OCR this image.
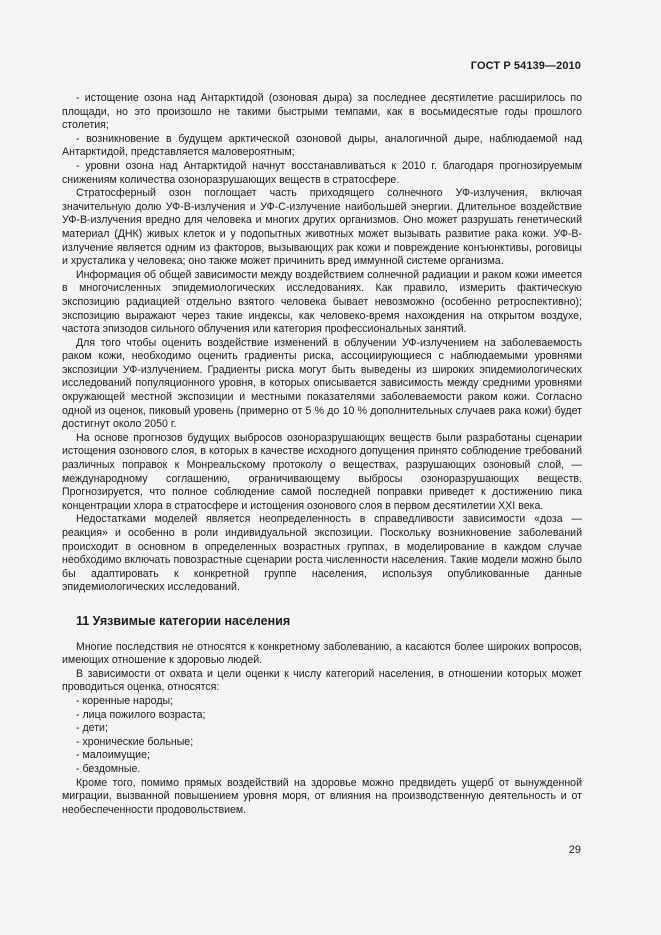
ГОСТ Р 54139—2010

- истощение озона над Антарктидой (озоновая дыра) за последнее десятилетие расширилось по площади, но это произошло не такими быстрыми темпами, как в восьмидесятые годы прошлого столетия;

- возникновение в будущем арктической озоновой дыры, аналогичной дыре, наблюдаемой над Антарктидой, представляется маловероятным;

- уровни озона над Антарктидой начнут восстанавливаться к 2010 г. благодаря прогнозируемым снижениям количества озоноразрушающих веществ в стратосфере.

Стратосферный озон поглощает часть приходящего солнечного УФ-излучения, включая значительную долю УФ-В-излучения и УФ-С-излучение наибольшей энергии. Длительное воздействие УФ-В-излучения вредно для человека и многих других организмов. Оно может разрушать генетический материал (ДНК) живых клеток и у подопытных животных может вызывать развитие рака кожи. УФ-В-излучение является одним из факторов, вызывающих рак кожи и повреждение конъюнктивы, роговицы и хрусталика у человека; оно также может причинить вред иммунной системе организма.

Информация об общей зависимости между воздействием солнечной радиации и раком кожи имеется в многочисленных эпидемиологических исследованиях. Как правило, измерить фактическую экспозицию радиацией отдельно взятого человека бывает невозможно (особенно ретроспективно); экспозицию выражают через такие индексы, как человеко-время нахождения на открытом воздухе, частота эпизодов сильного облучения или категория профессиональных занятий.

Для того чтобы оценить воздействие изменений в облучении УФ-излучением на заболеваемость раком кожи, необходимо оценить градиенты риска, ассоциирующиеся с наблюдаемыми уровнями экспозиции УФ-излучением. Градиенты риска могут быть выведены из широких эпидемиологических исследований популяционного уровня, в которых описывается зависимость между средними уровнями окружающей местной экспозиции и местными показателями заболеваемости раком кожи. Согласно одной из оценок, пиковый уровень (примерно от 5 % до 10 % дополнительных случаев рака кожи) будет достигнут около 2050 г.

На основе прогнозов будущих выбросов озоноразрушающих веществ были разработаны сценарии истощения озонового слоя, в которых в качестве исходного допущения принято соблюдение требований различных поправок к Монреальскому протоколу о веществах, разрушающих озоновый слой, — международному соглашению, ограничивающему выбросы озоноразрушающих веществ. Прогнозируется, что полное соблюдение самой последней поправки приведет к достижению пика концентрации хлора в стратосфере и истощения озонового слоя в первом десятилетии XXI века.

Недостатками моделей является неопределенность в справедливости зависимости «доза — реакция» и особенно в роли индивидуальной экспозиции. Поскольку возникновение заболеваний происходит в основном в определенных возрастных группах, в моделирование в каждом случае необходимо включать повозрастные сценарии роста численности населения. Такие модели можно было бы адаптировать к конкретной группе населения, используя опубликованные данные эпидемиологических исследований.

11 Уязвимые категории населения

Многие последствия не относятся к конкретному заболеванию, а касаются более широких вопросов, имеющих отношение к здоровью людей.

В зависимости от охвата и цели оценки к числу категорий населения, в отношении которых может проводиться оценка, относятся:

- коренные народы;
- лица пожилого возраста;
- дети;
- хронические больные;
- малоимущие;
- бездомные.

Кроме того, помимо прямых воздействий на здоровье можно предвидеть ущерб от вынужденной миграции, вызванной повышением уровня моря, от влияния на производственную деятельность и от необеспеченности продовольствием.

29
